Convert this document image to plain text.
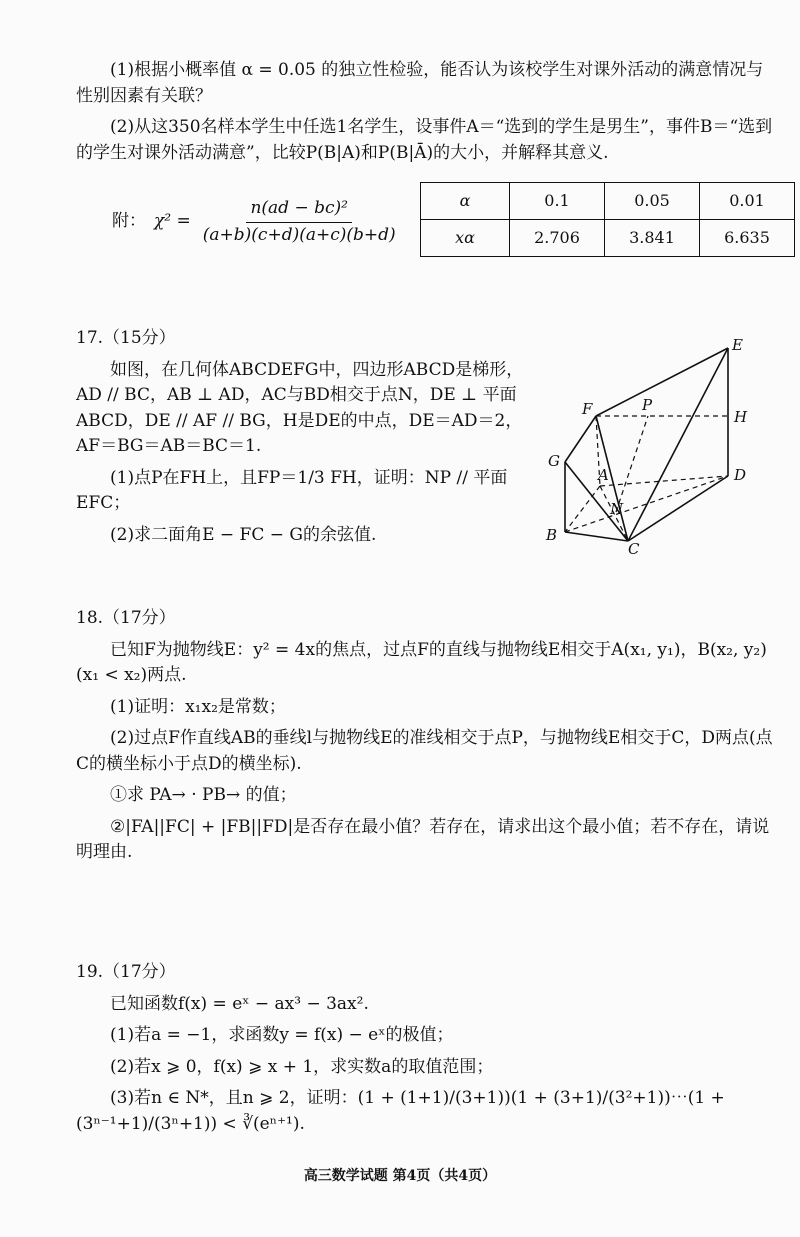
(1)根据小概率值 α = 0.05 的独立性检验，能否认为该校学生对课外活动的满意情况与性别因素有关联？

(2)从这350名样本学生中任选1名学生，设事件A＝“选到的学生是男生”，事件B＝“选到的学生对课外活动满意”，比较P(B|A)和P(B|Ā)的大小，并解释其意义.

附： $\chi^2 = \frac{\text{n(ad − bc)²}}{(a+b)(c+d)(a+c)(b+d)}$	α	0.1	0.05	0.01
xα	2.706	3.841	6.635

17.（15分）

如图，在几何体ABCDEFG中，四边形ABCD是梯形，AD // BC，AB ⊥ AD，AC与BD相交于点N，DE ⊥ 平面ABCD，DE // AF // BG，H是DE的中点，DE＝AD＝2，AF＝BG＝AB＝BC＝1.

(1)点P在FH上，且FP＝1/3 FH，证明：NP // 平面EFC；

(2)求二面角E − FC − G的余弦值.

E
F	P
H
G
A	D
N
B
C

18.（17分）

已知F为抛物线E：y² = 4x的焦点，过点F的直线与抛物线E相交于A(x₁, y₁)，B(x₂, y₂)(x₁ < x₂)两点.

(1)证明：x₁x₂是常数；

(2)过点F作直线AB的垂线l与抛物线E的准线相交于点P，与抛物线E相交于C，D两点(点C的横坐标小于点D的横坐标).

①求 PA→ · PB→ 的值；

②|FA||FC| + |FB||FD|是否存在最小值？若存在，请求出这个最小值；若不存在，请说明理由.

19.（17分）

已知函数f(x) = eˣ − ax³ − 3ax².

(1)若a = −1，求函数y = f(x) − eˣ的极值；

(2)若x ⩾ 0，f(x) ⩾ x + 1，求实数a的取值范围；

(3)若n ∈ N*，且n ⩾ 2，证明：(1 + (1+1)/(3+1))(1 + (3+1)/(3²+1))⋯(1 + (3ⁿ⁻¹+1)/(3ⁿ+1)) < ∛(eⁿ⁺¹).

高三数学试题 第4页（共4页）
